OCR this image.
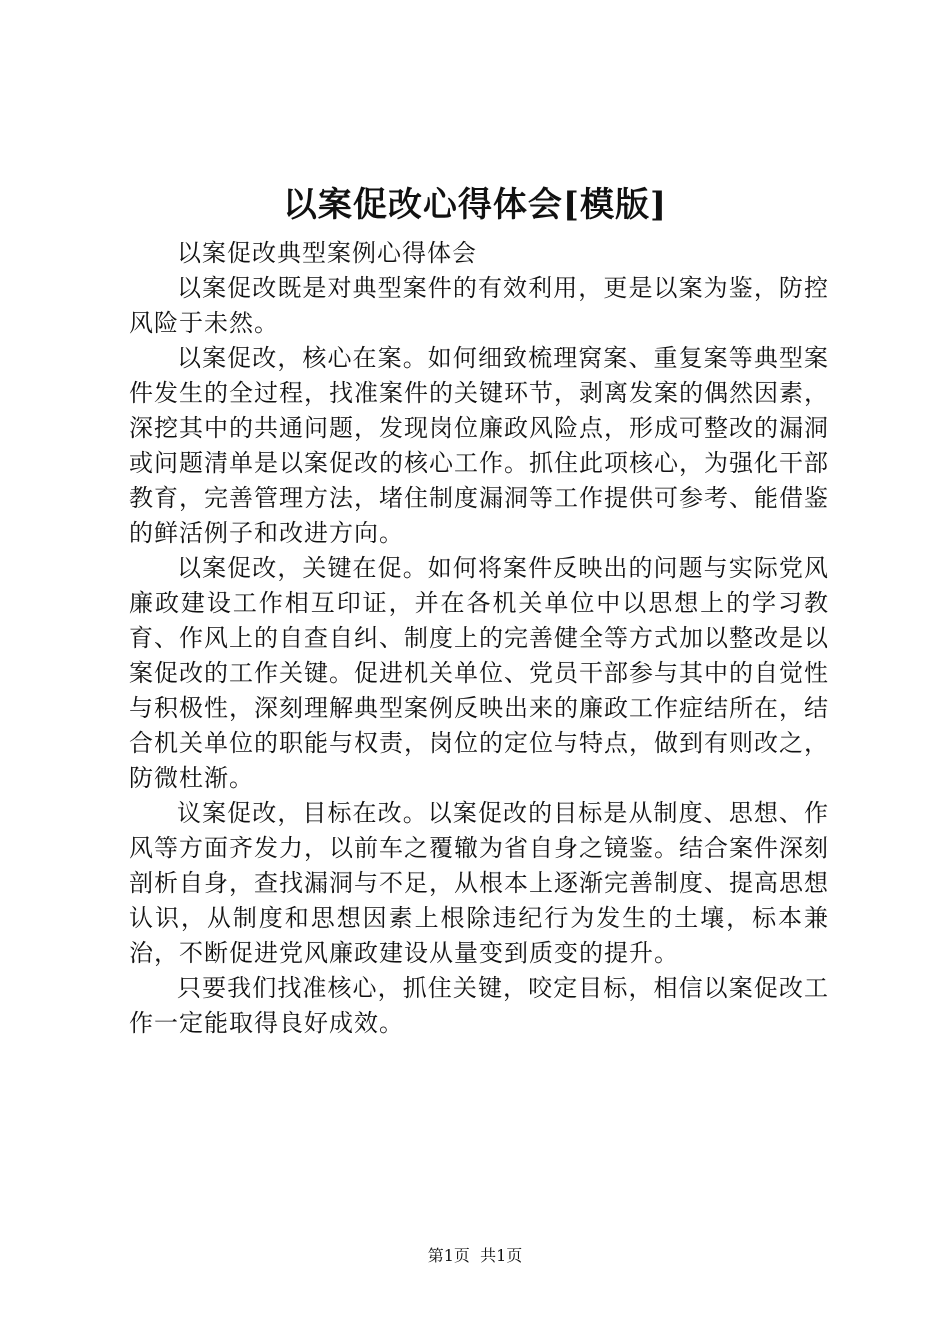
以案促改心得体会[模版]

以案促改典型案例心得体会

以案促改既是对典型案件的有效利用，更是以案为鉴，防控风险于未然。

以案促改，核心在案。如何细致梳理窝案、重复案等典型案件发生的全过程，找准案件的关键环节，剥离发案的偶然因素，深挖其中的共通问题，发现岗位廉政风险点，形成可整改的漏洞或问题清单是以案促改的核心工作。抓住此项核心，为强化干部教育，完善管理方法，堵住制度漏洞等工作提供可参考、能借鉴的鲜活例子和改进方向。

以案促改，关键在促。如何将案件反映出的问题与实际党风廉政建设工作相互印证，并在各机关单位中以思想上的学习教育、作风上的自查自纠、制度上的完善健全等方式加以整改是以案促改的工作关键。促进机关单位、党员干部参与其中的自觉性与积极性，深刻理解典型案例反映出来的廉政工作症结所在，结合机关单位的职能与权责，岗位的定位与特点，做到有则改之，防微杜渐。

议案促改，目标在改。以案促改的目标是从制度、思想、作风等方面齐发力，以前车之覆辙为省自身之镜鉴。结合案件深刻剖析自身，查找漏洞与不足，从根本上逐渐完善制度、提高思想认识，从制度和思想因素上根除违纪行为发生的土壤，标本兼治，不断促进党风廉政建设从量变到质变的提升。

只要我们找准核心，抓住关键，咬定目标，相信以案促改工作一定能取得良好成效。

第1页 共1页
